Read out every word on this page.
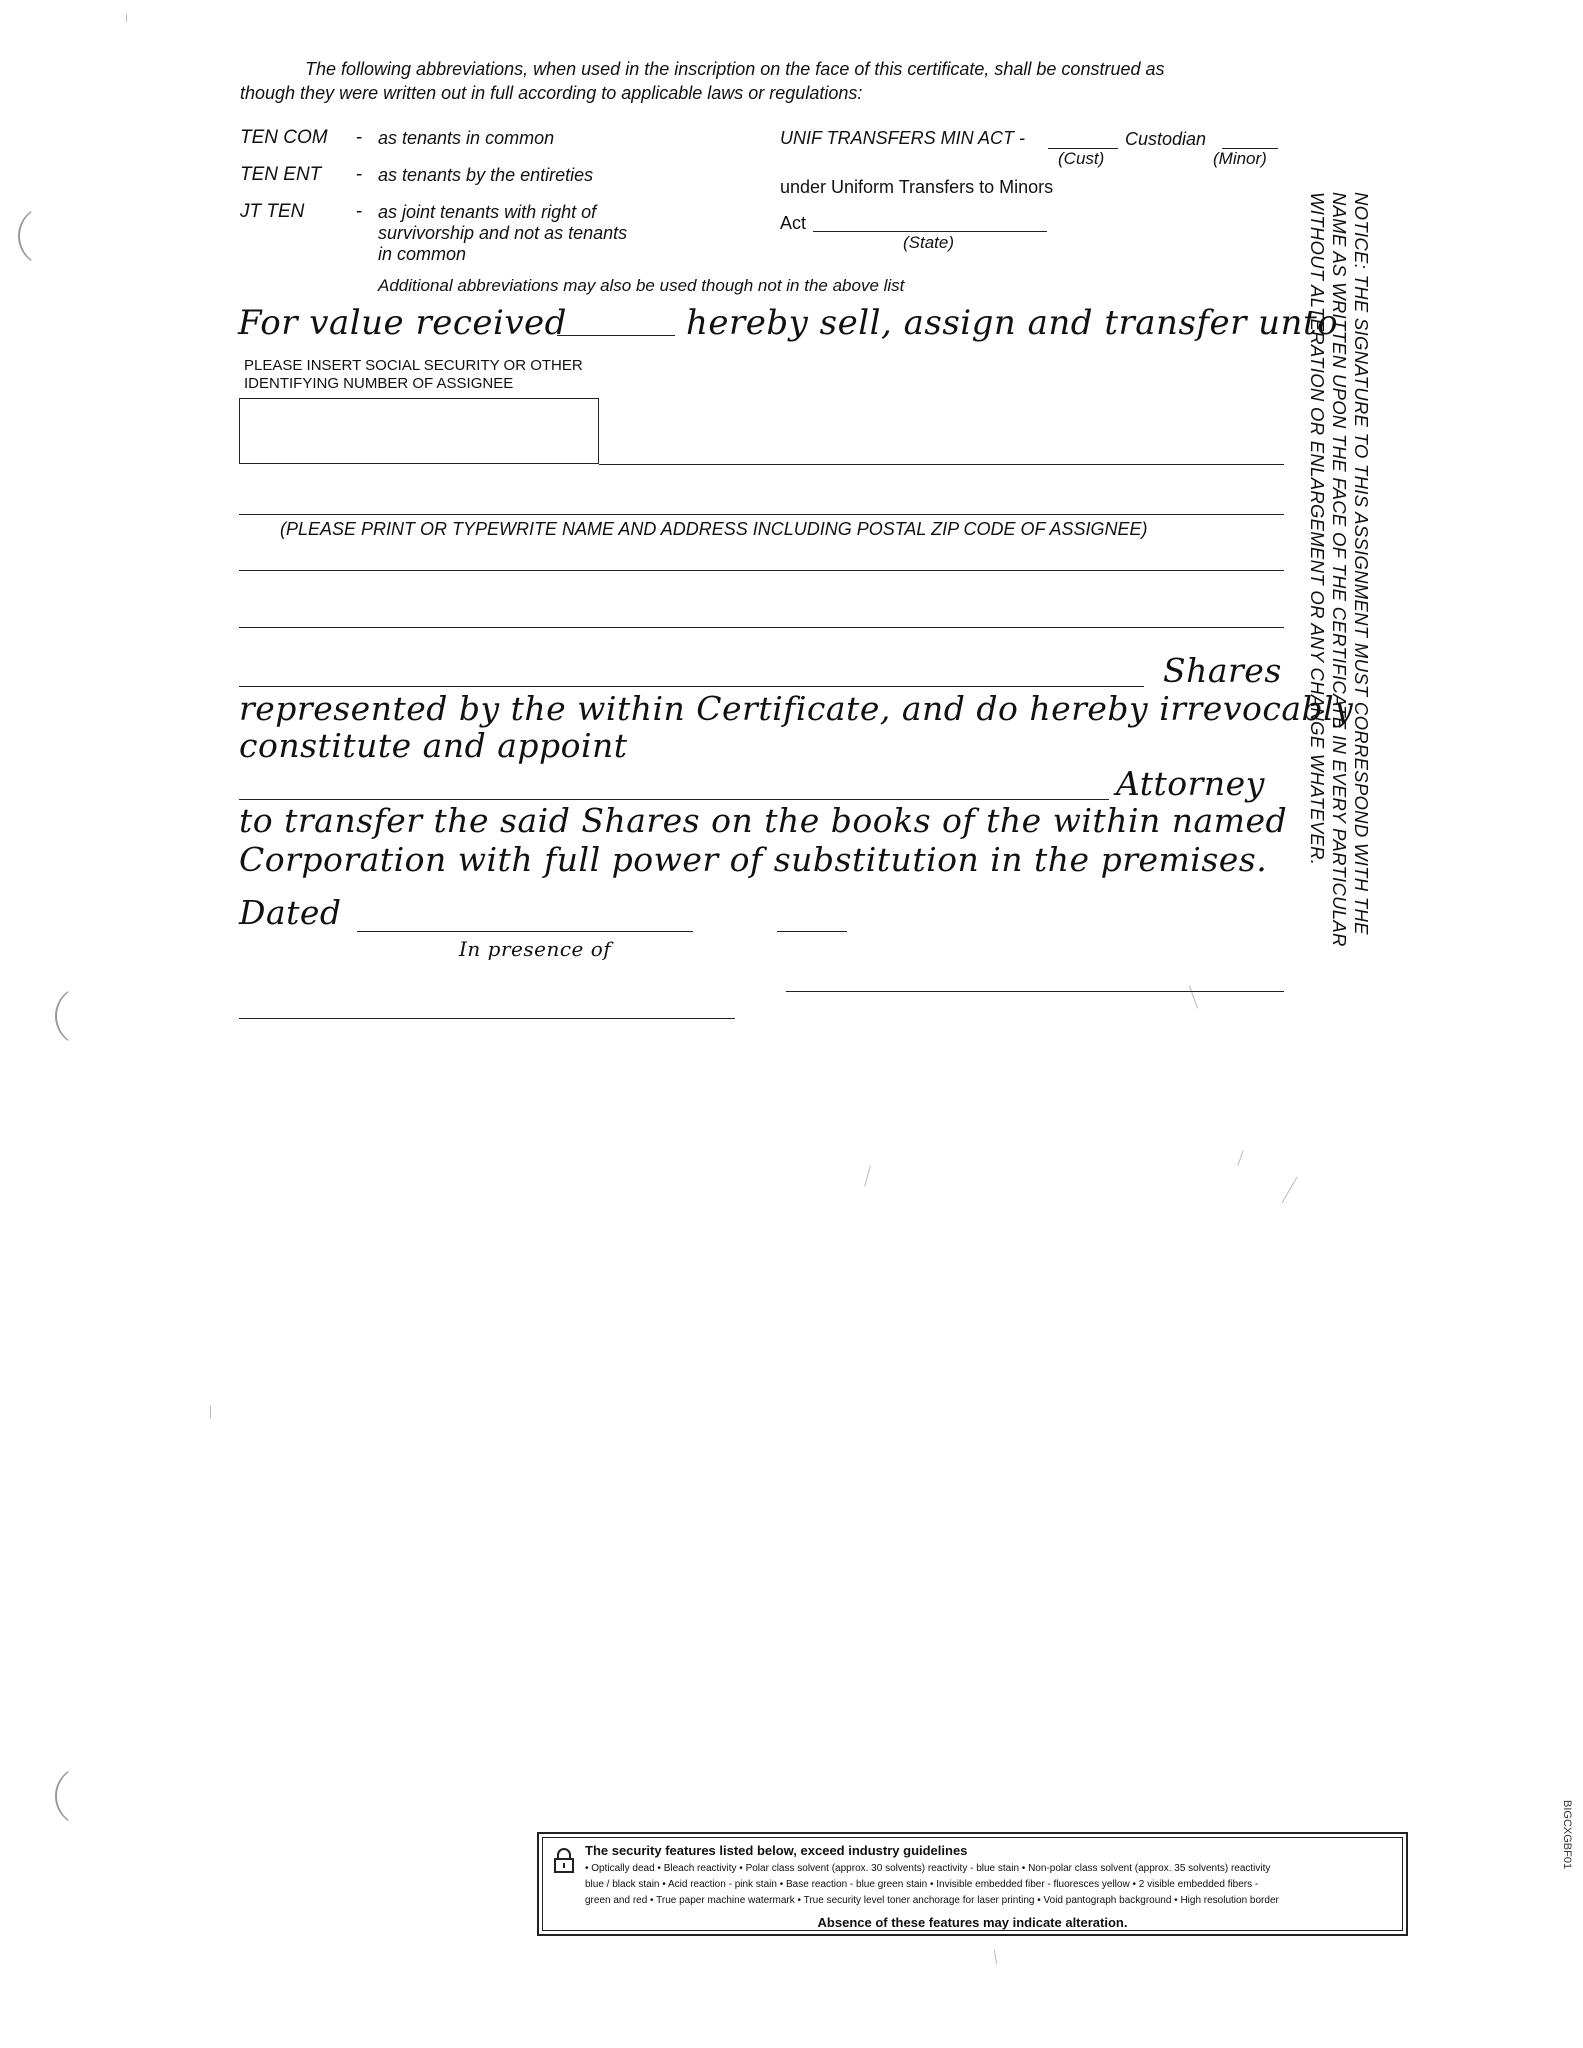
The following abbreviations, when used in the inscription on the face of this certificate, shall be construed as
though they were written out in full according to applicable laws or regulations:
TEN COM - as tenants in common
TEN ENT - as tenants by the entireties
JT TEN	- as joint tenants with right of
survivorship and not as tenants
in common
UNIF TRANSFERS MIN ACT -	Custodian
(Cust)	(Minor)
under Uniform Transfers to Minors
Act
(State)
Additional abbreviations may also be used though not in the above list
For value received	hereby sell, assign and transfer unto
PLEASE INSERT SOCIAL SECURITY OR OTHER
IDENTIFYING NUMBER OF ASSIGNEE
(PLEASE PRINT OR TYPEWRITE NAME AND ADDRESS INCLUDING POSTAL ZIP CODE OF ASSIGNEE)
Shares
represented by the within Certificate, and do hereby irrevocably
constitute and appoint
Attorney
to transfer the said Shares on the books of the within named
Corporation with full power of substitution in the premises.
Dated
In presence of
NOTICE: THE SIGNATURE TO THIS ASSIGNMENT MUST CORRESPOND WITH THE
NAME AS WRITTEN UPON THE FACE OF THE CERTIFICATE IN EVERY PARTICULAR
WITHOUT ALTERATION OR ENLARGEMENT OR ANY CHANGE WHATEVER.
The security features listed below, exceed industry guidelines
• Optically dead • Bleach reactivity • Polar class solvent (approx. 30 solvents) reactivity - blue stain • Non-polar class solvent (approx. 35 solvents) reactivity
blue / black stain • Acid reaction - pink stain • Base reaction - blue green stain • Invisible embedded fiber - fluoresces yellow • 2 visible embedded fibers -
green and red • True paper machine watermark • True security level toner anchorage for laser printing • Void pantograph background • High resolution border
Absence of these features may indicate alteration.
BIGCXGBF01
